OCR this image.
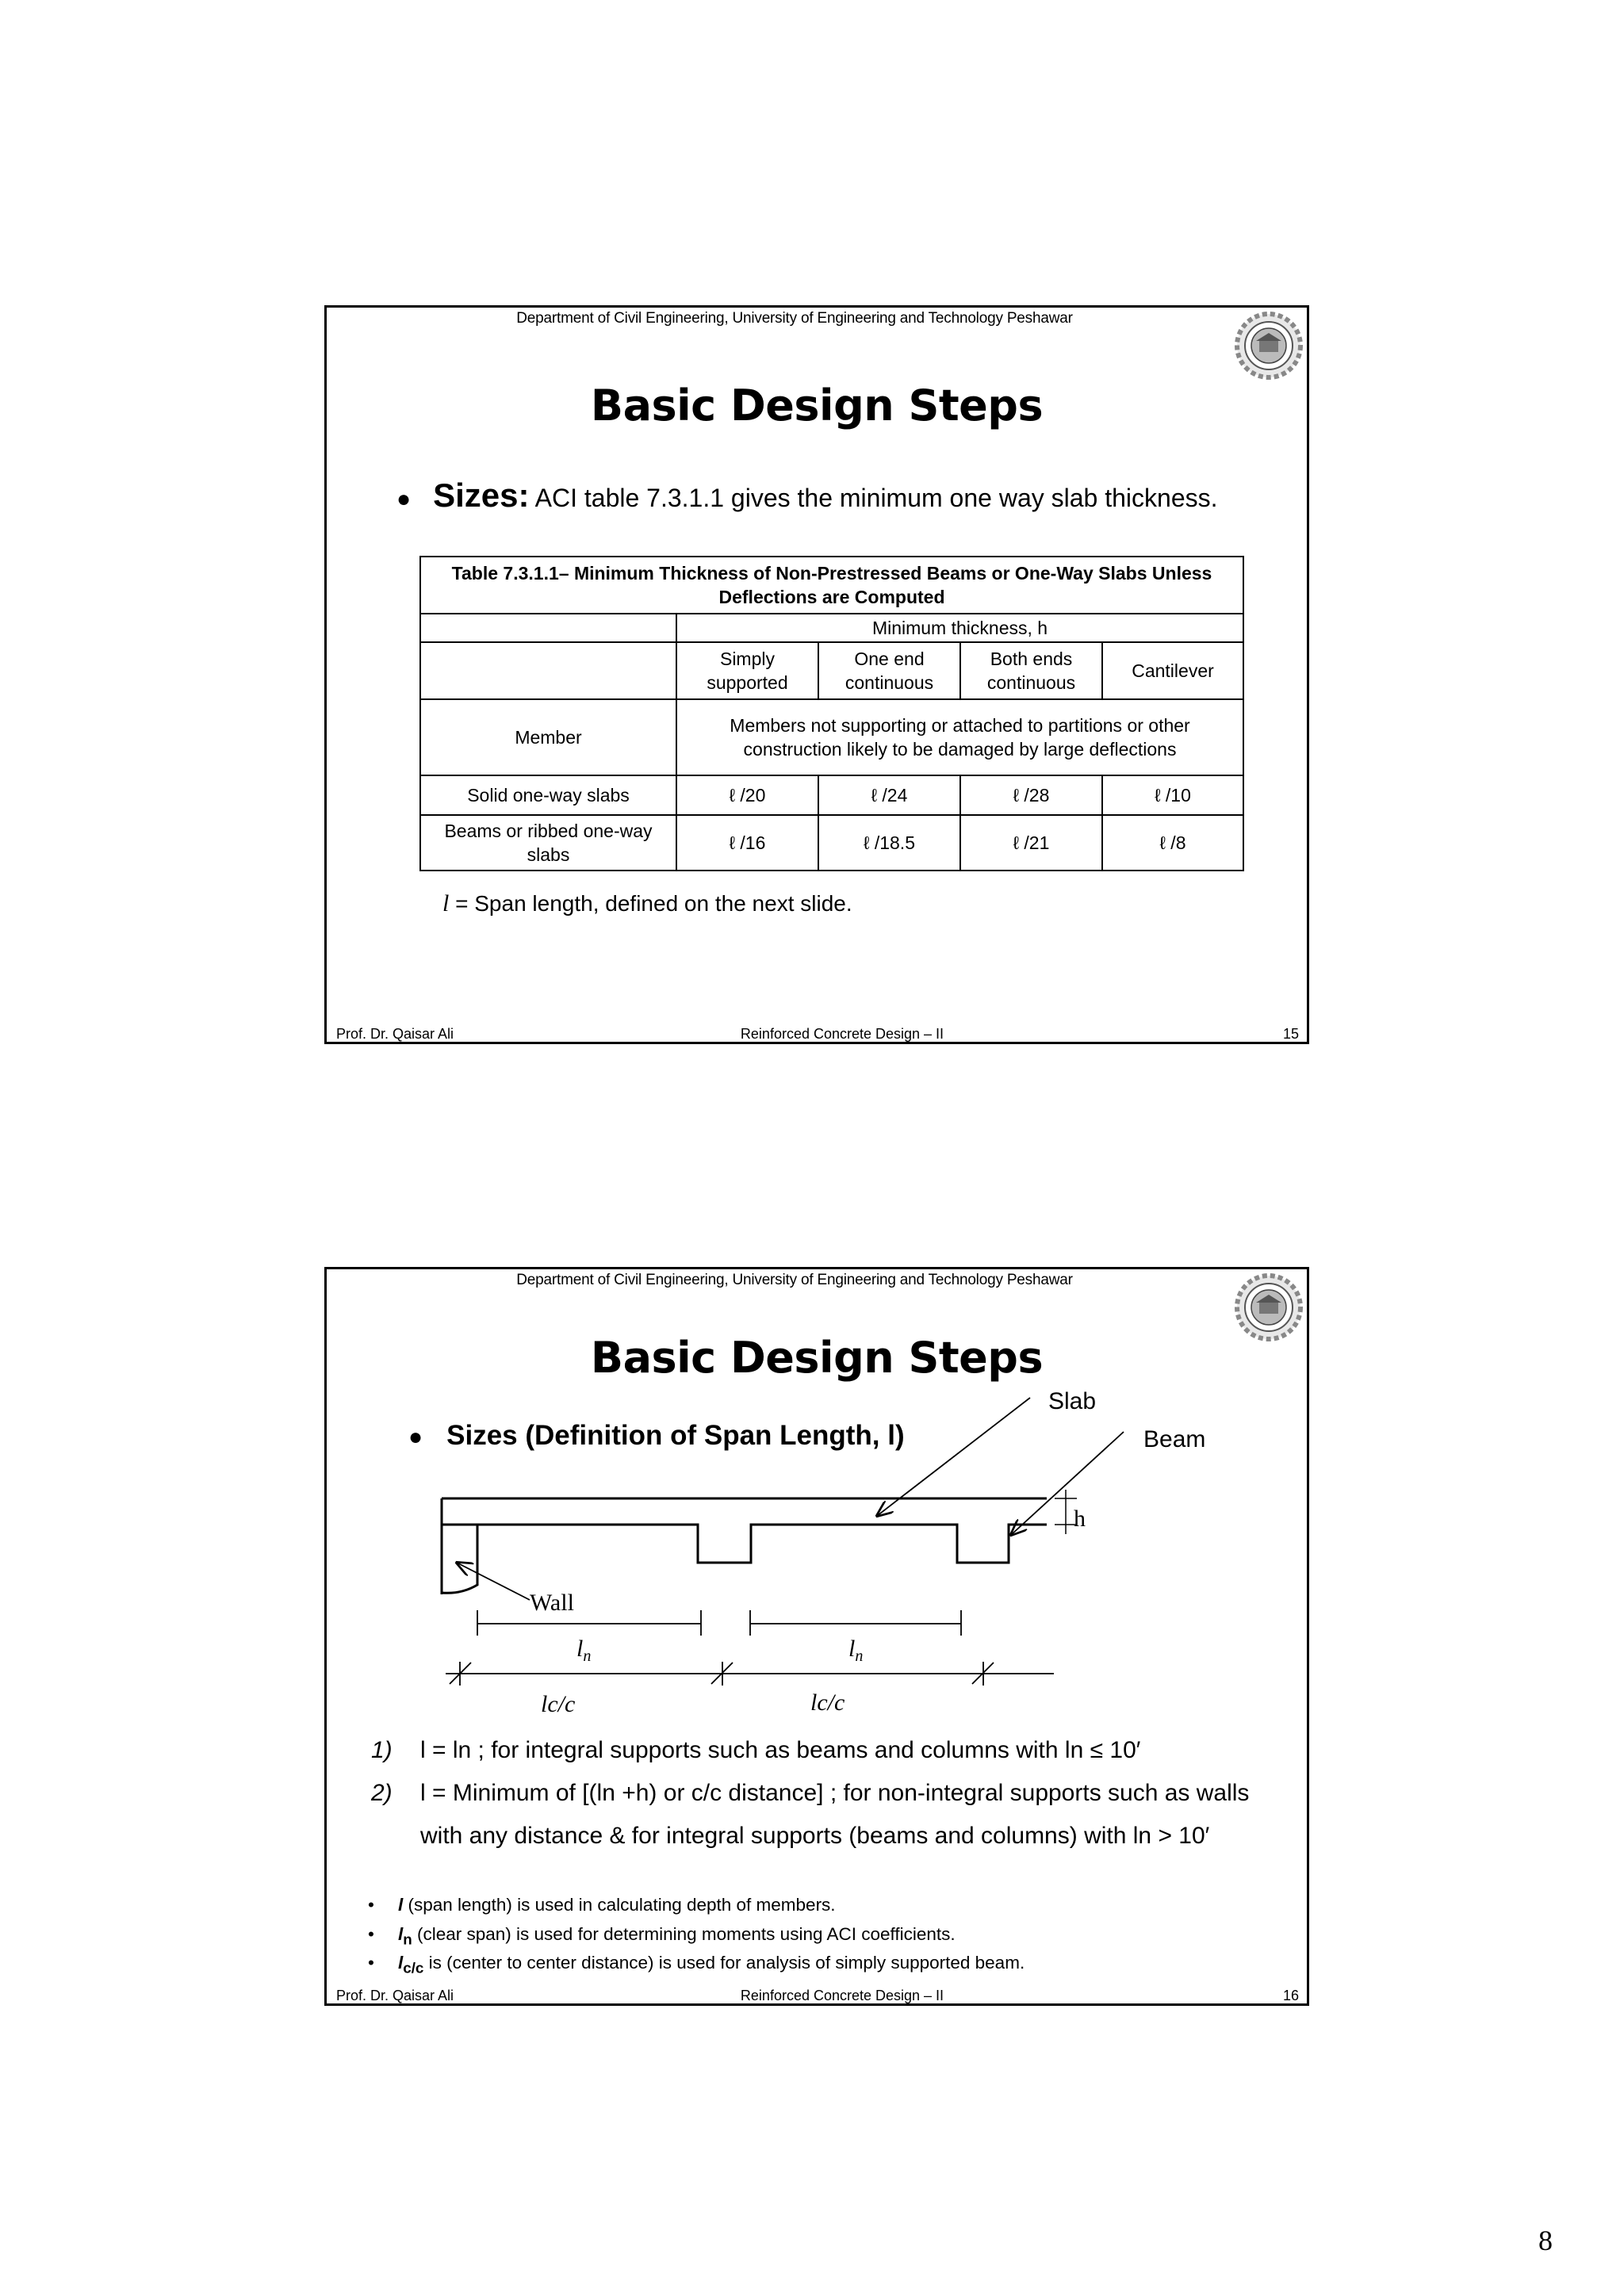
Department of Civil Engineering, University of Engineering and Technology Peshawar
Basic Design Steps
● Sizes: ACI table 7.3.1.1 gives the minimum one way slab thickness.
Table 7.3.1.1– Minimum Thickness of Non-Prestressed Beams or One-Way Slabs Unless Deflections are Computed				
	Minimum thickness, h			
	Simply supported	One end continuous	Both ends continuous	Cantilever
Member	Members not supporting or attached to partitions or other construction likely to be damaged by large deflections			
Solid one-way slabs	ℓ /20	ℓ /24	ℓ /28	ℓ /10
Beams or ribbed one-way slabs	ℓ /16	ℓ /18.5	ℓ /21	ℓ /8
l = Span length, defined on the next slide.
Prof. Dr. Qaisar Ali	Reinforced Concrete Design – II	15
Department of Civil Engineering, University of Engineering and Technology Peshawar
Basic Design Steps
● Sizes (Definition of Span Length, l)
Slab
Beam
h
Wall
$l_n$	$l_n$
lc/c	lc/c
1) l = ln ; for integral supports such as beams and columns with ln ≤ 10′
2) l = Minimum of [(ln +h) or c/c distance] ; for non-integral supports such as walls
with any distance & for integral supports (beams and columns) with ln > 10′
• l (span length) is used in calculating depth of members.
• $l_n$ (clear span) is used for determining moments using ACI coefficients.
• $l_{c/c}$ is (center to center distance) is used for analysis of simply supported beam.
Prof. Dr. Qaisar Ali	Reinforced Concrete Design – II	16
8
